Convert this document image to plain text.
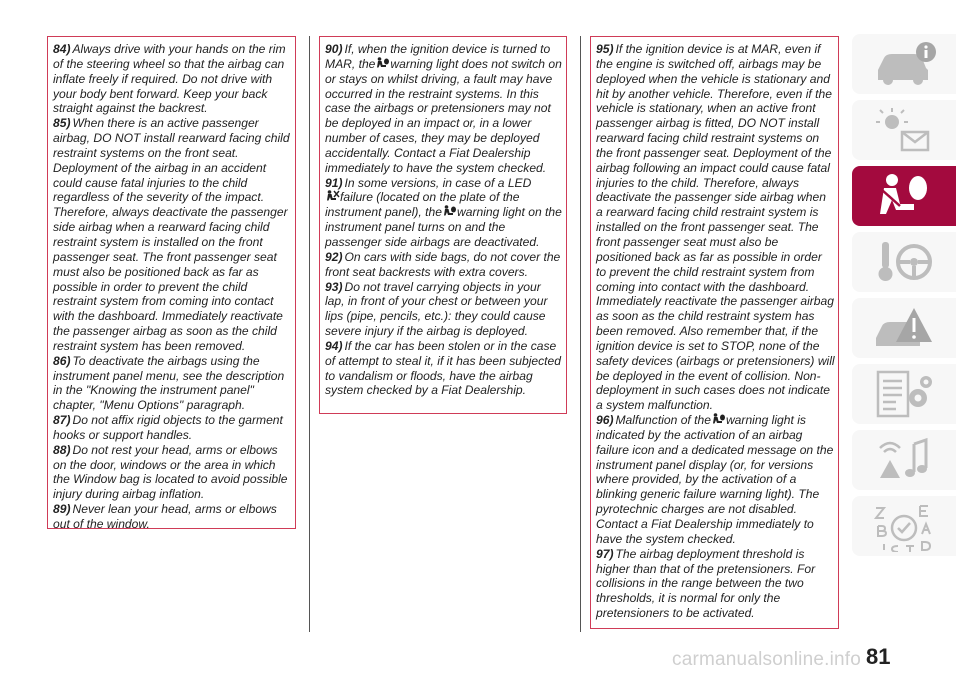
84) Always drive with your hands on the rim of the steering wheel so that the airbag can inflate freely if required. Do not drive with your body bent forward. Keep your back straight against the backrest.

85) When there is an active passenger airbag, DO NOT install rearward facing child restraint systems on the front seat. Deployment of the airbag in an accident could cause fatal injuries to the child regardless of the severity of the impact. Therefore, always deactivate the passenger side airbag when a rearward facing child restraint system is installed on the front passenger seat. The front passenger seat must also be positioned back as far as possible in order to prevent the child restraint system from coming into contact with the dashboard. Immediately reactivate the passenger airbag as soon as the child restraint system has been removed.

86) To deactivate the airbags using the instrument panel menu, see the description in the "Knowing the instrument panel" chapter, "Menu Options" paragraph.

87) Do not affix rigid objects to the garment hooks or support handles.

88) Do not rest your head, arms or elbows on the door, windows or the area in which the Window bag is located to avoid possible injury during airbag inflation.

89) Never lean your head, arms or elbows out of the window.

90) If, when the ignition device is turned to MAR, the warning light does not switch on or stays on whilst driving, a fault may have occurred in the restraint systems. In this case the airbags or pretensioners may not be deployed in an impact or, in a lower number of cases, they may be deployed accidentally. Contact a Fiat Dealership immediately to have the system checked.

91) In some versions, in case of a LED

failure (located on the plate of the instrument panel), the warning light on the instrument panel turns on and the passenger side airbags are deactivated.

92) On cars with side bags, do not cover the front seat backrests with extra covers.

93) Do not travel carrying objects in your lap, in front of your chest or between your lips (pipe, pencils, etc.): they could cause severe injury if the airbag is deployed.

94) If the car has been stolen or in the case of attempt to steal it, if it has been subjected to vandalism or floods, have the airbag system checked by a Fiat Dealership.

95) If the ignition device is at MAR, even if the engine is switched off, airbags may be deployed when the vehicle is stationary and hit by another vehicle. Therefore, even if the vehicle is stationary, when an active front passenger airbag is fitted, DO NOT install rearward facing child restraint systems on the front passenger seat. Deployment of the airbag following an impact could cause fatal injuries to the child. Therefore, always deactivate the passenger side airbag when a rearward facing child restraint system is installed on the front passenger seat. The front passenger seat must also be positioned back as far as possible in order to prevent the child restraint system from coming into contact with the dashboard. Immediately reactivate the passenger airbag as soon as the child restraint system has been removed. Also remember that, if the ignition device is set to STOP, none of the safety devices (airbags or pretensioners) will be deployed in the event of collision. Non-deployment in such cases does not indicate a system malfunction.

96) Malfunction of the warning light is indicated by the activation of an airbag failure icon and a dedicated message on the instrument panel display (or, for versions where provided, by the activation of a blinking generic failure warning light). The pyrotechnic charges are not disabled. Contact a Fiat Dealership immediately to have the system checked.

97) The airbag deployment threshold is higher than that of the pretensioners. For collisions in the range between the two thresholds, it is normal for only the pretensioners to be activated.

carmanualsonline.info 81
